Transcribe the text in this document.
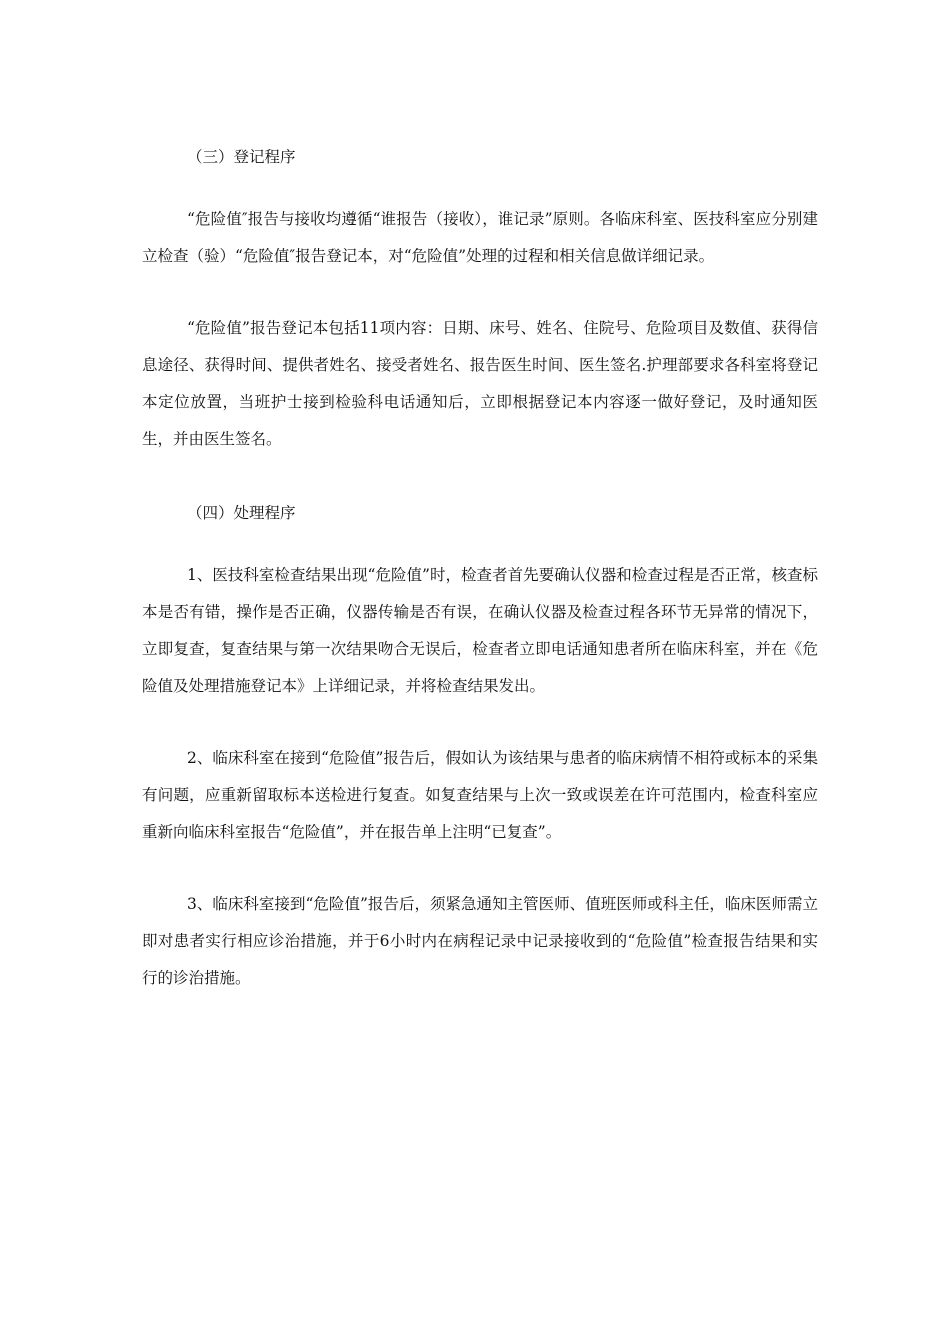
（三）登记程序

“危险值″报告与接收均遵循“谁报告（接收），谁记录”原则。各临床科室、医技科室应分别建立检查（验）“危险值″报告登记本，对“危险值”处理的过程和相关信息做详细记录。

“危险值”报告登记本包括11项内容：日期、床号、姓名、住院号、危险项目及数值、获得信息途径、获得时间、提供者姓名、接受者姓名、报告医生时间、医生签名.护理部要求各科室将登记本定位放置，当班护士接到检验科电话通知后，立即根据登记本内容逐一做好登记，及时通知医生，并由医生签名。

（四）处理程序

1、医技科室检查结果出现“危险值”时，检查者首先要确认仪器和检查过程是否正常，核查标本是否有错，操作是否正确，仪器传输是否有误，在确认仪器及检查过程各环节无异常的情况下，立即复查，复查结果与第一次结果吻合无误后，检查者立即电话通知患者所在临床科室，并在《危险值及处理措施登记本》上详细记录，并将检查结果发出。

2、临床科室在接到“危险值”报告后，假如认为该结果与患者的临床病情不相符或标本的采集有问题，应重新留取标本送检进行复查。如复查结果与上次一致或误差在许可范围内，检查科室应重新向临床科室报告“危险值”，并在报告单上注明“已复查”。

3、临床科室接到“危险值”报告后，须紧急通知主管医师、值班医师或科主任，临床医师需立即对患者实行相应诊治措施，并于6小时内在病程记录中记录接收到的“危险值”检查报告结果和实行的诊治措施。
